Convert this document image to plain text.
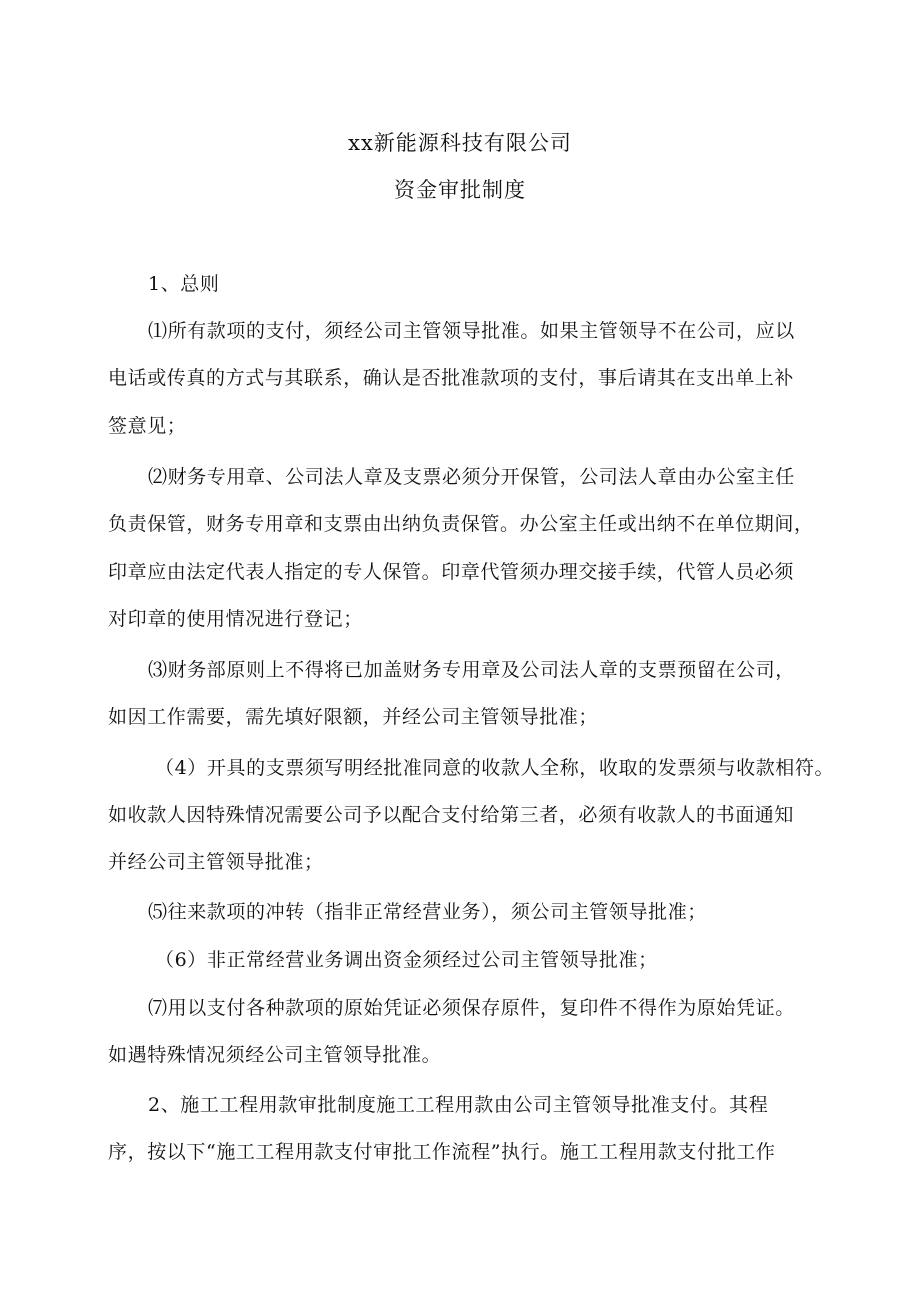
xx新能源科技有限公司
资金审批制度
1、总则
⑴所有款项的支付，须经公司主管领导批准。如果主管领导不在公司，应以
电话或传真的方式与其联系，确认是否批准款项的支付，事后请其在支出单上补
签意见；
⑵财务专用章、公司法人章及支票必须分开保管，公司法人章由办公室主任
负责保管，财务专用章和支票由出纳负责保管。办公室主任或出纳不在单位期间，
印章应由法定代表人指定的专人保管。印章代管须办理交接手续，代管人员必须
对印章的使用情况进行登记；
⑶财务部原则上不得将已加盖财务专用章及公司法人章的支票预留在公司，
如因工作需要，需先填好限额，并经公司主管领导批准；
（4）开具的支票须写明经批准同意的收款人全称，收取的发票须与收款相符。
如收款人因特殊情况需要公司予以配合支付给第三者，必须有收款人的书面通知
并经公司主管领导批准；
⑸往来款项的冲转（指非正常经营业务），须公司主管领导批准；
（6）非正常经营业务调出资金须经过公司主管领导批准；
⑺用以支付各种款项的原始凭证必须保存原件，复印件不得作为原始凭证。
如遇特殊情况须经公司主管领导批准。
2、施工工程用款审批制度施工工程用款由公司主管领导批准支付。其程
序，按以下“施工工程用款支付审批工作流程”执行。施工工程用款支付批工作
